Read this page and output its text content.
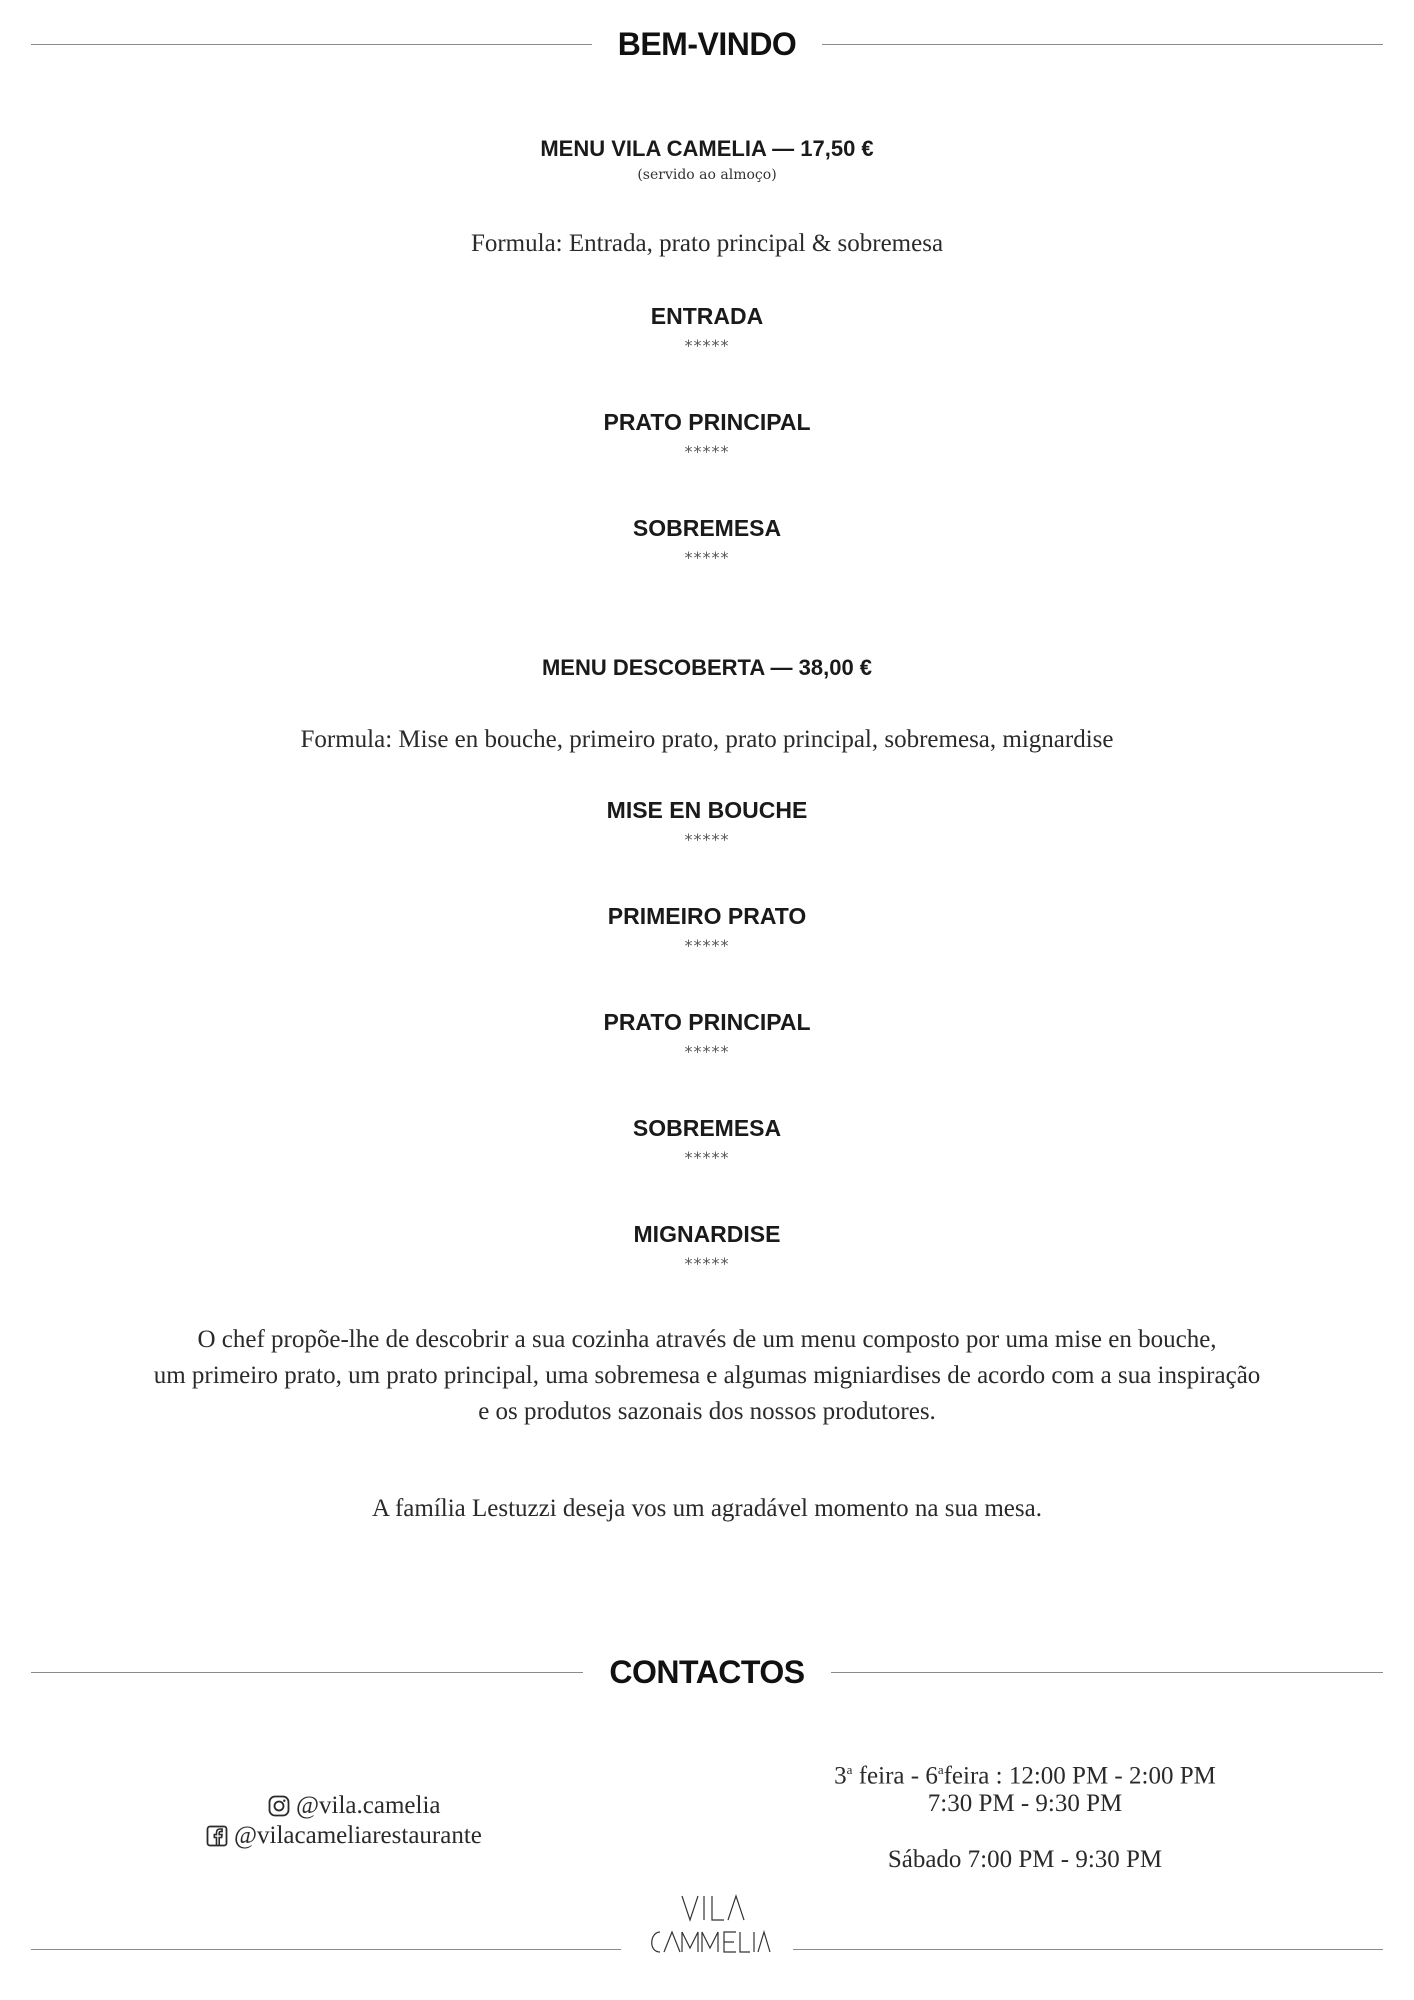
BEM-VINDO
MENU VILA CAMELIA — 17,50 €
(servido ao almoço)
Formula: Entrada, prato principal & sobremesa
ENTRADA
*****
PRATO PRINCIPAL
*****
SOBREMESA
*****
MENU DESCOBERTA — 38,00 €
Formula: Mise en bouche, primeiro prato, prato principal, sobremesa, mignardise
MISE EN BOUCHE
*****
PRIMEIRO PRATO
*****
PRATO PRINCIPAL
*****
SOBREMESA
*****
MIGNARDISE
*****
O chef propõe-lhe de descobrir a sua cozinha através de um menu composto por uma mise en bouche,
um primeiro prato, um prato principal, uma sobremesa e algumas migniardises de acordo com a sua inspiração
e os produtos sazonais dos nossos produtores.
A família Lestuzzi deseja vos um agradável momento na sua mesa.
CONTACTOS
@vila.camelia
@vilacameliarestaurante
3$^a$ feira - 6$^a$feira : 12:00 PM - 2:00 PM
7:30 PM - 9:30 PM
Sábado 7:00 PM - 9:30 PM
